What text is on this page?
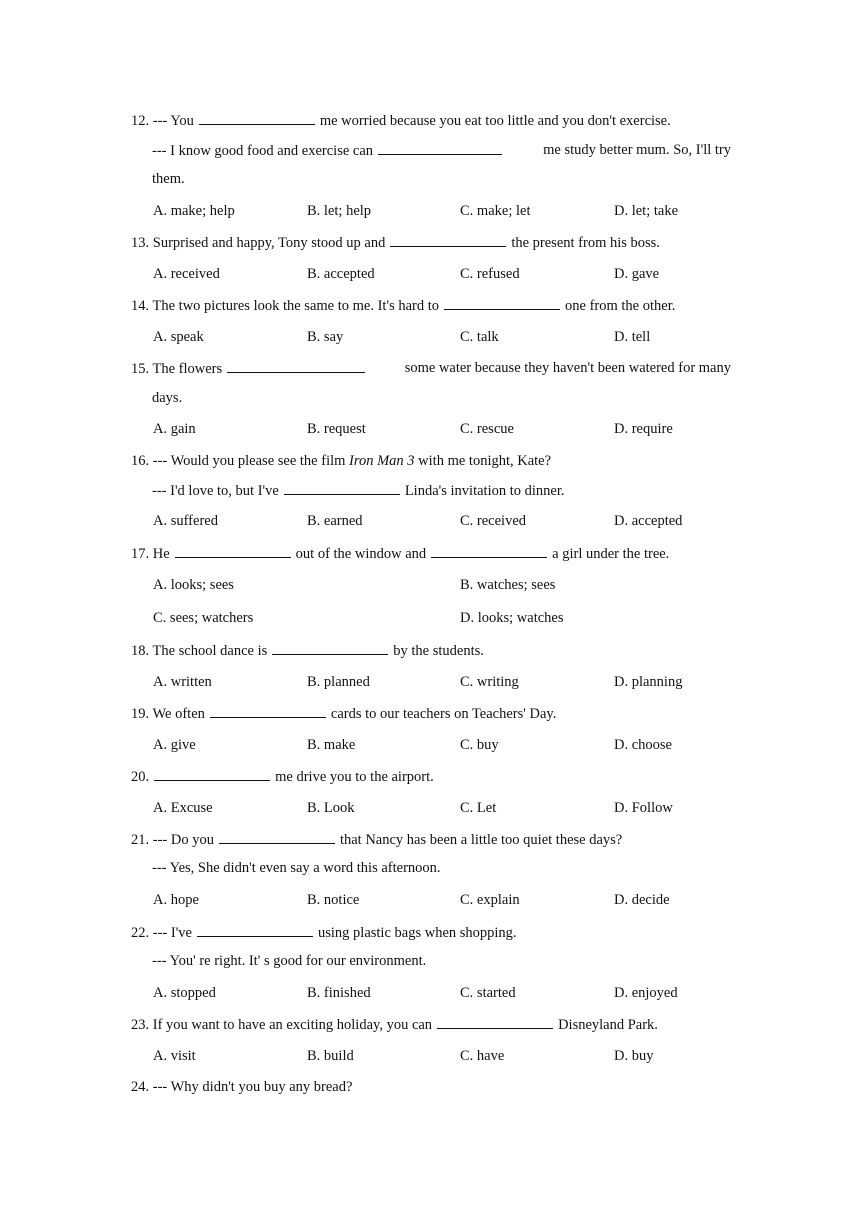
12. --- You	me worried because you eat too little and you don't exercise.
--- I know good food and exercise can	me study better mum. So, I'll try
them.
A. make; help	B. let; help	C. make; let	D. let; take
13. Surprised and happy, Tony stood up and	the present from his boss.
A. received	B. accepted	C. refused	D. gave
14. The two pictures look the same to me. It's hard to	one from the other.
A. speak	B. say	C. talk	D. tell
15. The flowers	some water because they haven't been watered for many
days.
A. gain	B. request	C. rescue	D. require
16. --- Would you please see the film Iron Man 3 with me tonight, Kate?
--- I'd love to, but I've	Linda's invitation to dinner.
A. suffered	B. earned	C. received	D. accepted
17. He	out of the window and	a girl under the tree.
A. looks; sees	B. watches; sees
C. sees; watchers	D. looks; watches
18. The school dance is	by the students.
A. written	B. planned	C. writing	D. planning
19. We often	cards to our teachers on Teachers' Day.
A. give	B. make	C. buy	D. choose
20.	me drive you to the airport.
A. Excuse	B. Look	C. Let	D. Follow
21. --- Do you	that Nancy has been a little too quiet these days?
--- Yes, She didn't even say a word this afternoon.
A. hope	B. notice	C. explain	D. decide
22. --- I've	using plastic bags when shopping.
--- You' re right. It' s good for our environment.
A. stopped	B. finished	C. started	D. enjoyed
23. If you want to have an exciting holiday, you can	Disneyland Park.
A. visit	B. build	C. have	D. buy
24. --- Why didn't you buy any bread?
